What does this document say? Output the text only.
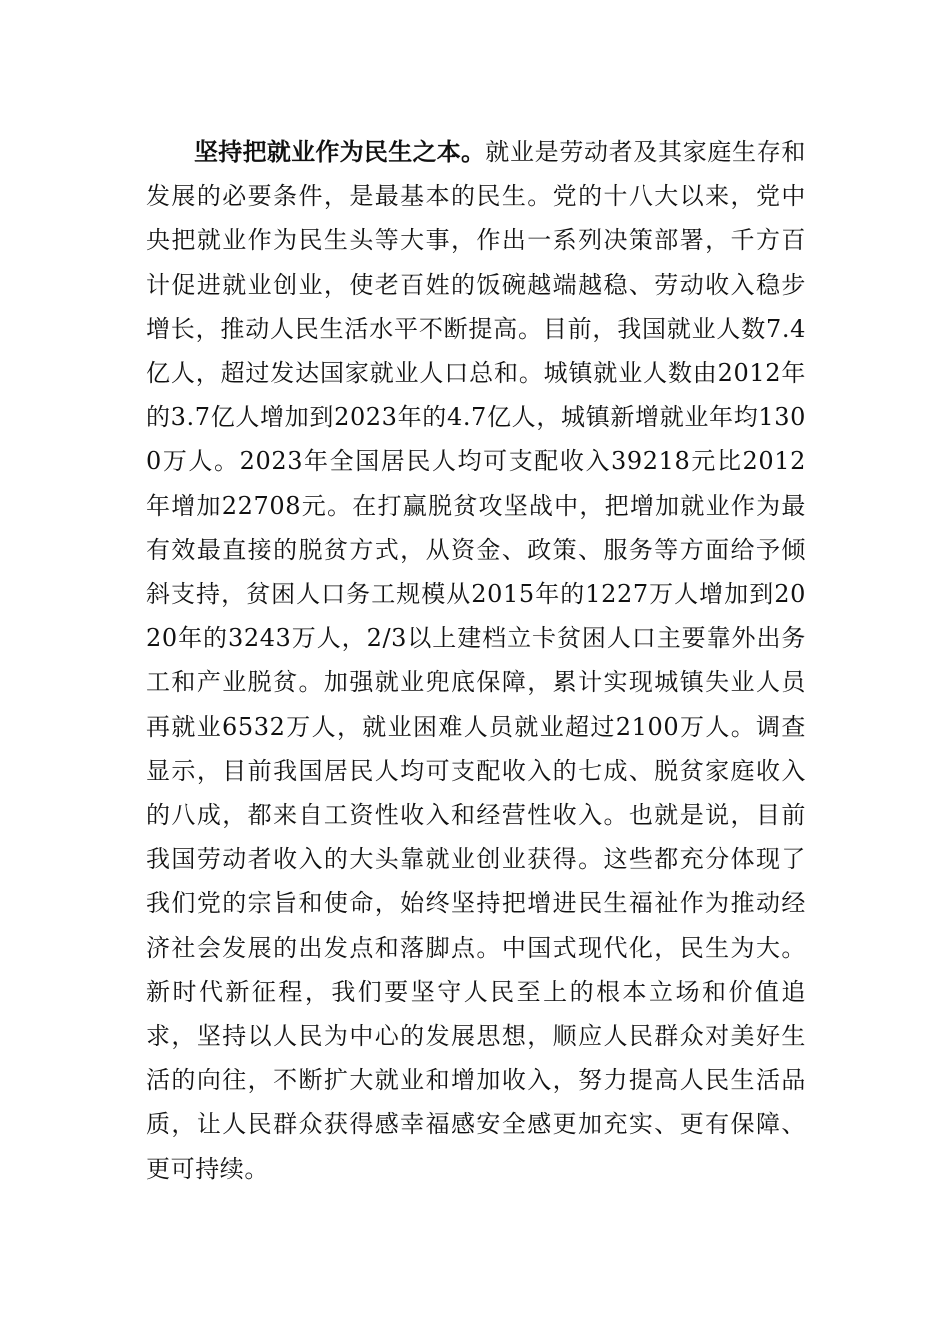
坚持把就业作为民生之本。就业是劳动者及其家庭生存和发展的必要条件，是最基本的民生。党的十八大以来，党中央把就业作为民生头等大事，作出一系列决策部署，千方百计促进就业创业，使老百姓的饭碗越端越稳、劳动收入稳步增长，推动人民生活水平不断提高。目前，我国就业人数7.4亿人，超过发达国家就业人口总和。城镇就业人数由2012年的3.7亿人增加到2023年的4.7亿人，城镇新增就业年均1300万人。2023年全国居民人均可支配收入39218元比2012年增加22708元。在打赢脱贫攻坚战中，把增加就业作为最有效最直接的脱贫方式，从资金、政策、服务等方面给予倾斜支持，贫困人口务工规模从2015年的1227万人增加到2020年的3243万人，2/3以上建档立卡贫困人口主要靠外出务工和产业脱贫。加强就业兜底保障，累计实现城镇失业人员再就业6532万人，就业困难人员就业超过2100万人。调查显示，目前我国居民人均可支配收入的七成、脱贫家庭收入的八成，都来自工资性收入和经营性收入。也就是说，目前我国劳动者收入的大头靠就业创业获得。这些都充分体现了我们党的宗旨和使命，始终坚持把增进民生福祉作为推动经济社会发展的出发点和落脚点。中国式现代化，民生为大。新时代新征程，我们要坚守人民至上的根本立场和价值追求，坚持以人民为中心的发展思想，顺应人民群众对美好生活的向往，不断扩大就业和增加收入，努力提高人民生活品质，让人民群众获得感幸福感安全感更加充实、更有保障、更可持续。
